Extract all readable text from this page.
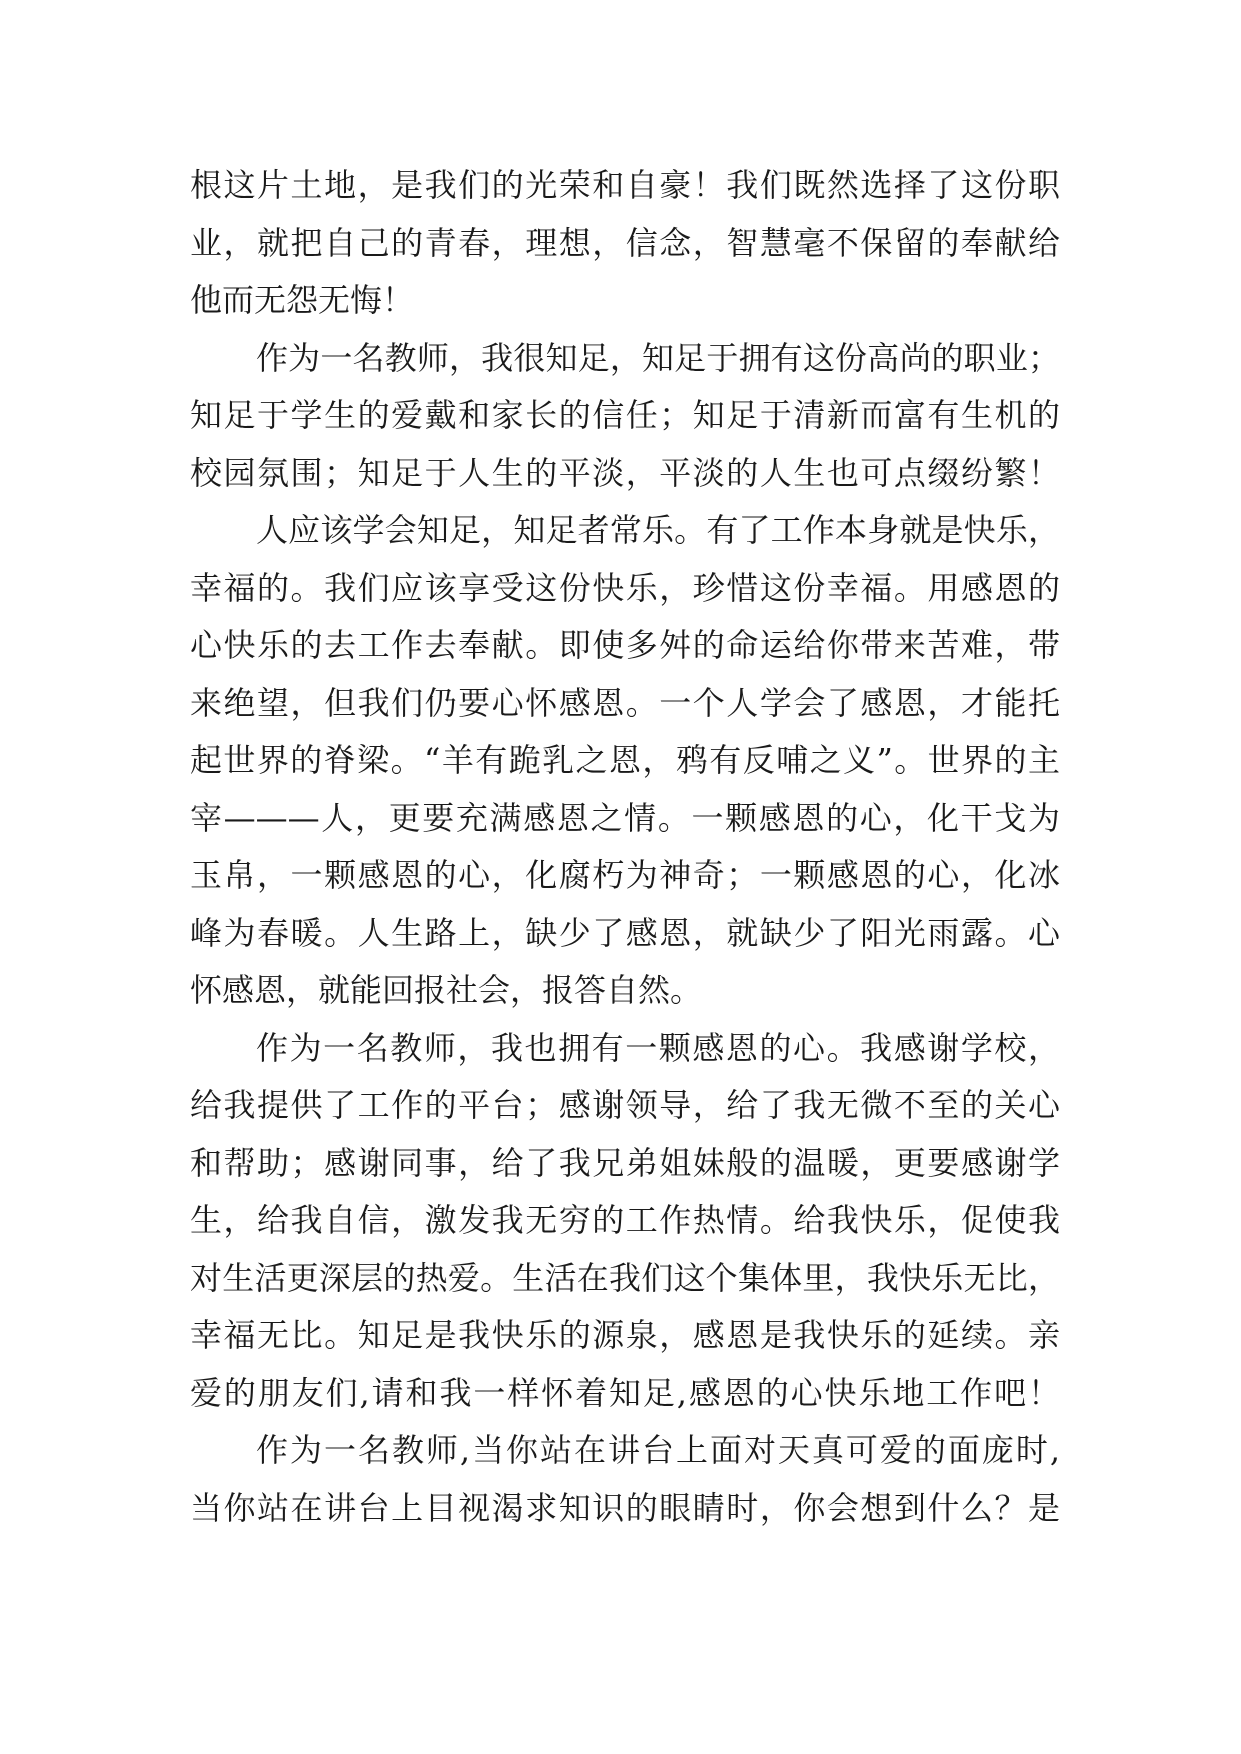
根这片土地，是我们的光荣和自豪！我们既然选择了这份职
业，就把自己的青春，理想，信念，智慧毫不保留的奉献给
他而无怨无悔！
作为一名教师，我很知足，知足于拥有这份高尚的职业；
知足于学生的爱戴和家长的信任；知足于清新而富有生机的
校园氛围；知足于人生的平淡，平淡的人生也可点缀纷繁！
人应该学会知足，知足者常乐。有了工作本身就是快乐，
幸福的。我们应该享受这份快乐，珍惜这份幸福。用感恩的
心快乐的去工作去奉献。即使多舛的命运给你带来苦难，带
来绝望，但我们仍要心怀感恩。一个人学会了感恩，才能托
起世界的脊梁。“羊有跪乳之恩，鸦有反哺之义”。世界的主
宰———人，更要充满感恩之情。一颗感恩的心，化干戈为
玉帛，一颗感恩的心，化腐朽为神奇；一颗感恩的心，化冰
峰为春暖。人生路上，缺少了感恩，就缺少了阳光雨露。心
怀感恩，就能回报社会，报答自然。
作为一名教师，我也拥有一颗感恩的心。我感谢学校，
给我提供了工作的平台；感谢领导，给了我无微不至的关心
和帮助；感谢同事，给了我兄弟姐妹般的温暖，更要感谢学
生，给我自信，激发我无穷的工作热情。给我快乐，促使我
对生活更深层的热爱。生活在我们这个集体里，我快乐无比，
幸福无比。知足是我快乐的源泉，感恩是我快乐的延续。亲
爱的朋友们,请和我一样怀着知足,感恩的心快乐地工作吧！
作为一名教师,当你站在讲台上面对天真可爱的面庞时,
当你站在讲台上目视渴求知识的眼睛时，你会想到什么？是
